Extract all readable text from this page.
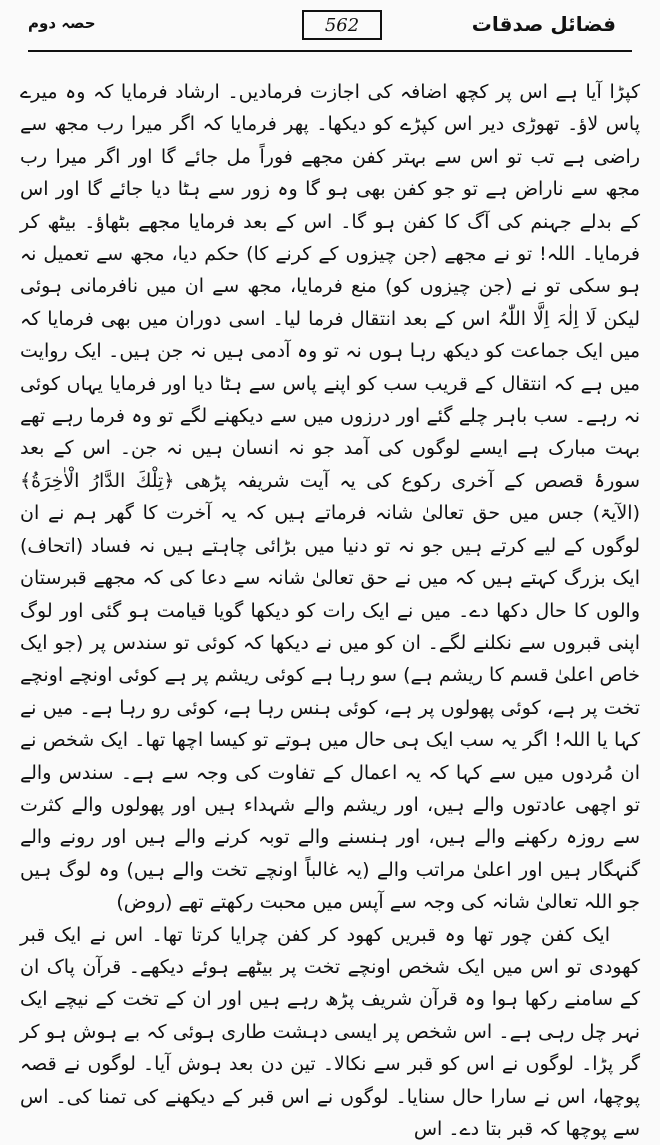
فضائل صدقات
562
حصہ دوم

کپڑا آیا ہے اس پر کچھ اضافہ کی اجازت فرمادیں۔ ارشاد فرمایا کہ وہ میرے پاس لاؤ۔ تھوڑی دیر اس کپڑے کو دیکھا۔ پھر فرمایا کہ اگر میرا رب مجھ سے راضی ہے تب تو اس سے بہتر کفن مجھے فوراً مل جائے گا اور اگر میرا رب مجھ سے ناراض ہے تو جو کفن بھی ہو گا وہ زور سے ہٹا دیا جائے گا اور اس کے بدلے جہنم کی آگ کا کفن ہو گا۔ اس کے بعد فرمایا مجھے بٹھاؤ۔ بیٹھ کر فرمایا۔ اللہ! تو نے مجھے (جن چیزوں کے کرنے کا) حکم دیا، مجھ سے تعمیل نہ ہو سکی تو نے (جن چیزوں کو) منع فرمایا، مجھ سے ان میں نافرمانی ہوئی لیکن لَا اِلٰہَ اِلَّا اللّٰہُ اس کے بعد انتقال فرما لیا۔ اسی دوران میں بھی فرمایا کہ میں ایک جماعت کو دیکھ رہا ہوں نہ تو وہ آدمی ہیں نہ جن ہیں۔ ایک روایت میں ہے کہ انتقال کے قریب سب کو اپنے پاس سے ہٹا دیا اور فرمایا یہاں کوئی نہ رہے۔ سب باہر چلے گئے اور درزوں میں سے دیکھنے لگے تو وہ فرما رہے تھے بہت مبارک ہے ایسے لوگوں کی آمد جو نہ انسان ہیں نہ جن۔ اس کے بعد سورۂ قصص کے آخری رکوع کی یہ آیت شریفہ پڑھی ﴿تِلْكَ الدَّارُ الْاٰخِرَةُ﴾ (الآیۃ) جس میں حق تعالیٰ شانہ فرماتے ہیں کہ یہ آخرت کا گھر ہم نے ان لوگوں کے لیے کرتے ہیں جو نہ تو دنیا میں بڑائی چاہتے ہیں نہ فساد (اتحاف) ایک بزرگ کہتے ہیں کہ میں نے حق تعالیٰ شانہ سے دعا کی کہ مجھے قبرستان والوں کا حال دکھا دے۔ میں نے ایک رات کو دیکھا گویا قیامت ہو گئی اور لوگ اپنی قبروں سے نکلنے لگے۔ ان کو میں نے دیکھا کہ کوئی تو سندس پر (جو ایک خاص اعلیٰ قسم کا ریشم ہے) سو رہا ہے کوئی ریشم پر ہے کوئی اونچے اونچے تخت پر ہے، کوئی پھولوں پر ہے، کوئی ہنس رہا ہے، کوئی رو رہا ہے۔ میں نے کہا یا اللہ! اگر یہ سب ایک ہی حال میں ہوتے تو کیسا اچھا تھا۔ ایک شخص نے ان مُردوں میں سے کہا کہ یہ اعمال کے تفاوت کی وجہ سے ہے۔ سندس والے تو اچھی عادتوں والے ہیں، اور ریشم والے شہداء ہیں اور پھولوں والے کثرت سے روزہ رکھنے والے ہیں، اور ہنسنے والے توبہ کرنے والے ہیں اور رونے والے گنہگار ہیں اور اعلیٰ مراتب والے (یہ غالباً اونچے تخت والے ہیں) وہ لوگ ہیں جو اللہ تعالیٰ شانہ کی وجہ سے آپس میں محبت رکھتے تھے (روض)

ایک کفن چور تھا وہ قبریں کھود کر کفن چرایا کرتا تھا۔ اس نے ایک قبر کھودی تو اس میں ایک شخص اونچے تخت پر بیٹھے ہوئے دیکھے۔ قرآن پاک ان کے سامنے رکھا ہوا وہ قرآن شریف پڑھ رہے ہیں اور ان کے تخت کے نیچے ایک نہر چل رہی ہے۔ اس شخص پر ایسی دہشت طاری ہوئی کہ بے ہوش ہو کر گر پڑا۔ لوگوں نے اس کو قبر سے نکالا۔ تین دن بعد ہوش آیا۔ لوگوں نے قصہ پوچھا، اس نے سارا حال سنایا۔ لوگوں نے اس قبر کے دیکھنے کی تمنا کی۔ اس سے پوچھا کہ قبر بتا دے۔ اس
